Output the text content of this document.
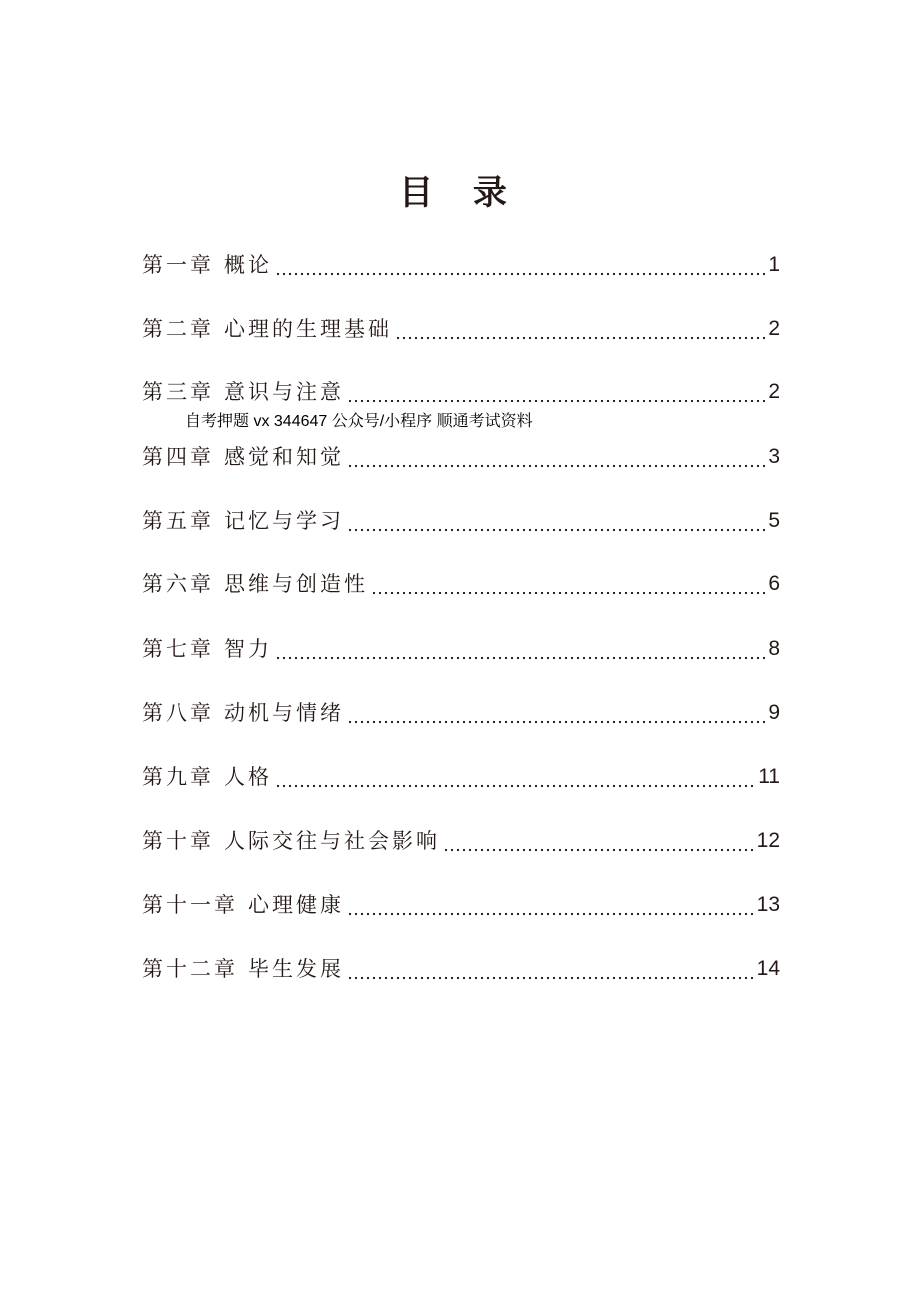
目 录
第一章 概论	1
第二章 心理的生理基础	2
第三章 意识与注意	2
自考押题 vx 344647 公众号/小程序 顺通考试资料
第四章 感觉和知觉	3
第五章 记忆与学习	5
第六章 思维与创造性	6
第七章 智力	8
第八章 动机与情绪	9
第九章 人格	11
第十章 人际交往与社会影响	12
第十一章 心理健康	13
第十二章 毕生发展	14
